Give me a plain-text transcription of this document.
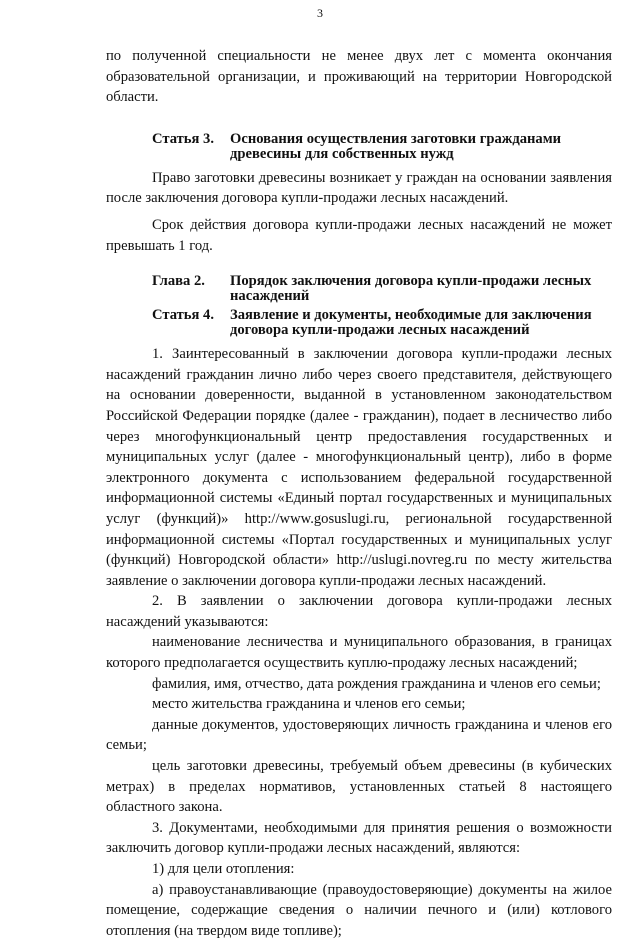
3

по полученной специальности не менее двух лет с момента окончания образовательной организации, и проживающий на территории Новгородской области.

Статья 3.	Основания осуществления заготовки гражданами древесины для собственных нужд

Право заготовки древесины возникает у граждан на основании заявления после заключения договора купли-продажи лесных насаждений.

Срок действия договора купли-продажи лесных насаждений не может превышать 1 год.

Глава 2.	Порядок заключения договора купли-продажи лесных насаждений
Статья 4.	Заявление и документы, необходимые для заключения договора купли-продажи лесных насаждений

1. Заинтересованный в заключении договора купли-продажи лесных насаждений гражданин лично либо через своего представителя, действующего на основании доверенности, выданной в установленном законодательством Российской Федерации порядке (далее - гражданин), подает в лесничество либо через многофункциональный центр предоставления государственных и муниципальных услуг (далее - многофункциональный центр), либо в форме электронного документа с использованием федеральной государственной информационной системы «Единый портал государственных и муниципальных услуг (функций)» http://www.gosuslugi.ru, региональной государственной информационной системы «Портал государственных и муниципальных услуг (функций) Новгородской области» http://uslugi.novreg.ru по месту жительства заявление о заключении договора купли-продажи лесных насаждений.

2. В заявлении о заключении договора купли-продажи лесных насаждений указываются:

наименование лесничества и муниципального образования, в границах которого предполагается осуществить куплю-продажу лесных насаждений;

фамилия, имя, отчество, дата рождения гражданина и членов его семьи;

место жительства гражданина и членов его семьи;

данные документов, удостоверяющих личность гражданина и членов его семьи;

цель заготовки древесины, требуемый объем древесины (в кубических метрах) в пределах нормативов, установленных статьей 8 настоящего областного закона.

3. Документами, необходимыми для принятия решения о возможности заключить договор купли-продажи лесных насаждений, являются:

1) для цели отопления:

а) правоустанавливающие (правоудостоверяющие) документы на жилое помещение, содержащие сведения о наличии печного и (или) котлового отопления (на твердом виде топливе);
